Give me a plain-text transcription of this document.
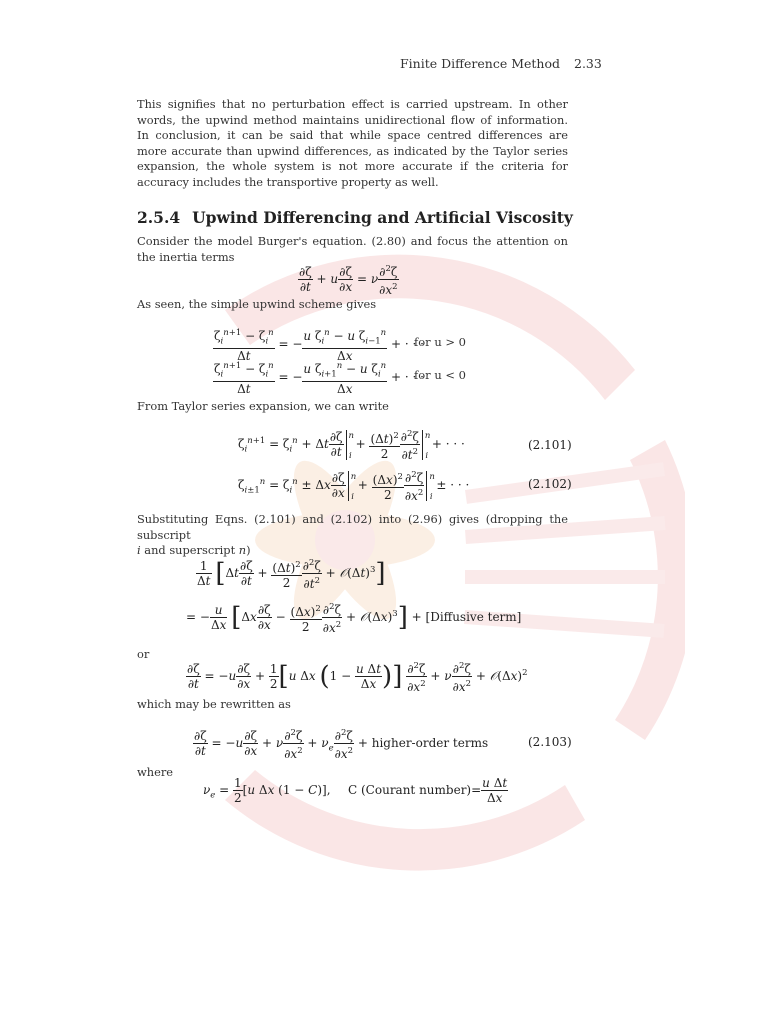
Finite Difference Method 2.33
This signifies that no perturbation effect is carried upstream. In other words, the upwind method maintains unidirectional flow of information. In conclusion, it can be said that while space centred differences are more accurate than upwind differences, as indicated by the Taylor series expansion, the whole system is not more accurate if the criteria for accuracy includes the transportive property as well.
2.5.4 Upwind Differencing and Artificial Viscosity
Consider the model Burger's equation. (2.80) and focus the attention on the inertia terms
$\frac{\partial\zeta}{\partial t} + u \frac{\partial\zeta}{\partial x} = \nu \frac{\partial^2\zeta}{\partial x^2}$
As seen, the simple upwind scheme gives
$\frac{\zeta_i^{n+1} - \zeta_i^n}{\Delta t}$ = − $\frac{u \zeta_i^n - u \zeta_{i-1}^n}{\Delta x}$ + · · ·
for u > 0
$\frac{\zeta_i^{n+1} - \zeta_i^n}{\Delta t}$ = − $\frac{u \zeta_{i+1}^n - u \zeta_i^n}{\Delta x}$ + · · ·
for u < 0
From Taylor series expansion, we can write
$\zeta_i^{n+1} = \zeta_i^n + \Delta t \frac{\partial\zeta}{\partial t} ^n_i + \frac{(\Delta t)^2}{2} \frac{\partial^2\zeta}{\partial t^2} ^n_i$ + · · ·	(2.101)
$\zeta_{i\pm 1}^n = \zeta_i^n \pm \Delta x \frac{\partial\zeta}{\partial x} ^n_i + \frac{(\Delta x)^2}{2} \frac{\partial^2\zeta}{\partial x^2} ^n_i$ ± · · ·	(2.102)
Substituting Eqns. (2.101) and (2.102) into (2.96) gives (dropping the subscript
i and superscript n)
$\frac{1}{\Delta t} [\Delta t \frac{\partial\zeta}{\partial t} + \frac{(\Delta t)^2}{2} \frac{\partial^2\zeta}{\partial t^2}$ + $𝒪(\Delta t)^3$]
= − $\frac{u}{\Delta x} [\Delta x \frac{\partial\zeta}{\partial x} - \frac{(\Delta x)^2}{2} \frac{\partial^2\zeta}{\partial x^2}$ + $𝒪(\Delta x)^3$] + [Diffusive term]
or
$\frac{\partial\zeta}{\partial t} = -u \frac{\partial\zeta}{\partial x} + \frac{1}{2} [u$ Δx ($1 - \frac{\text{u Δt}}{\Delta x}$ )] $\frac{\partial^2\zeta}{\partial x^2} + \nu \frac{\partial^2\zeta}{\partial x^2}$ + $𝒪(\Delta x)^2$
which may be rewritten as
$\frac{\partial\zeta}{\partial t} = -u \frac{\partial\zeta}{\partial x} + \nu \frac{\partial^2\zeta}{\partial x^2} + \nu_e \frac{\partial^2\zeta}{\partial x^2}$ + higher-order terms	(2.103)
where
$\nu_e = \frac{1}{2} [u$ Δx (1 − C)], C (Courant number)= $\frac{\text{u Δt}}{\Delta x}$
